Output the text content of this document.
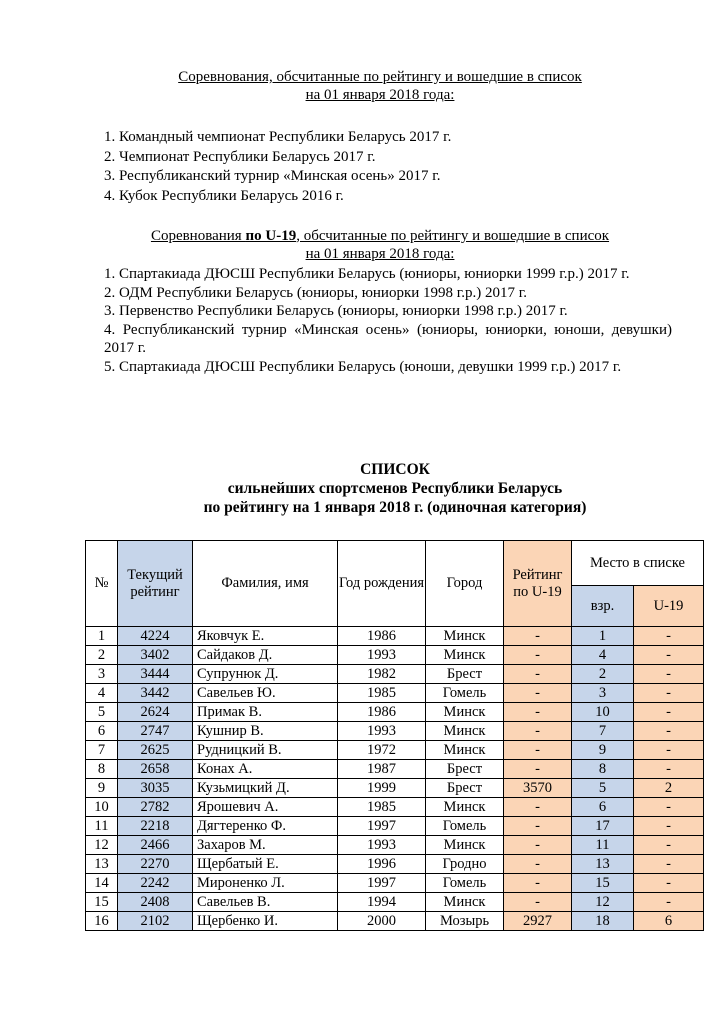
Соревнования, обсчитанные по рейтингу и вошедшие в список
на 01 января 2018 года:
1. Командный чемпионат Республики Беларусь 2017 г.
2. Чемпионат Республики Беларусь 2017 г.
3. Республиканский турнир «Минская осень» 2017 г.
4. Кубок Республики Беларусь 2016 г.
Соревнования по U-19, обсчитанные по рейтингу и вошедшие в список
на 01 января 2018 года:
1. Спартакиада ДЮСШ Республики Беларусь (юниоры, юниорки 1999 г.р.) 2017 г.
2. ОДМ Республики Беларусь (юниоры, юниорки 1998 г.р.) 2017 г.
3. Первенство Республики Беларусь (юниоры, юниорки 1998 г.р.) 2017 г.
4. Республиканский турнир «Минская осень» (юниоры, юниорки, юноши, девушки) 2017 г.
5. Спартакиада ДЮСШ Республики Беларусь (юноши, девушки 1999 г.р.) 2017 г.
СПИСОК
сильнейших спортсменов Республики Беларусь
по рейтингу на 1 января 2018 г. (одиночная категория)
№	Текущий рейтинг	Фамилия, имя	Год рождения	Город	Рейтинг по U-19	Место в списке	
						взр.	U-19
1	4224	Яковчук Е.	1986	Минск	-	1	-
2	3402	Сайдаков Д.	1993	Минск	-	4	-
3	3444	Супрунюк Д.	1982	Брест	-	2	-
4	3442	Савельев Ю.	1985	Гомель	-	3	-
5	2624	Примак В.	1986	Минск	-	10	-
6	2747	Кушнир В.	1993	Минск	-	7	-
7	2625	Рудницкий В.	1972	Минск	-	9	-
8	2658	Конах А.	1987	Брест	-	8	-
9	3035	Кузьмицкий Д.	1999	Брест	3570	5	2
10	2782	Ярошевич А.	1985	Минск	-	6	-
11	2218	Дягтеренко Ф.	1997	Гомель	-	17	-
12	2466	Захаров М.	1993	Минск	-	11	-
13	2270	Щербатый Е.	1996	Гродно	-	13	-
14	2242	Мироненко Л.	1997	Гомель	-	15	-
15	2408	Савельев В.	1994	Минск	-	12	-
16	2102	Щербенко И.	2000	Мозырь	2927	18	6
